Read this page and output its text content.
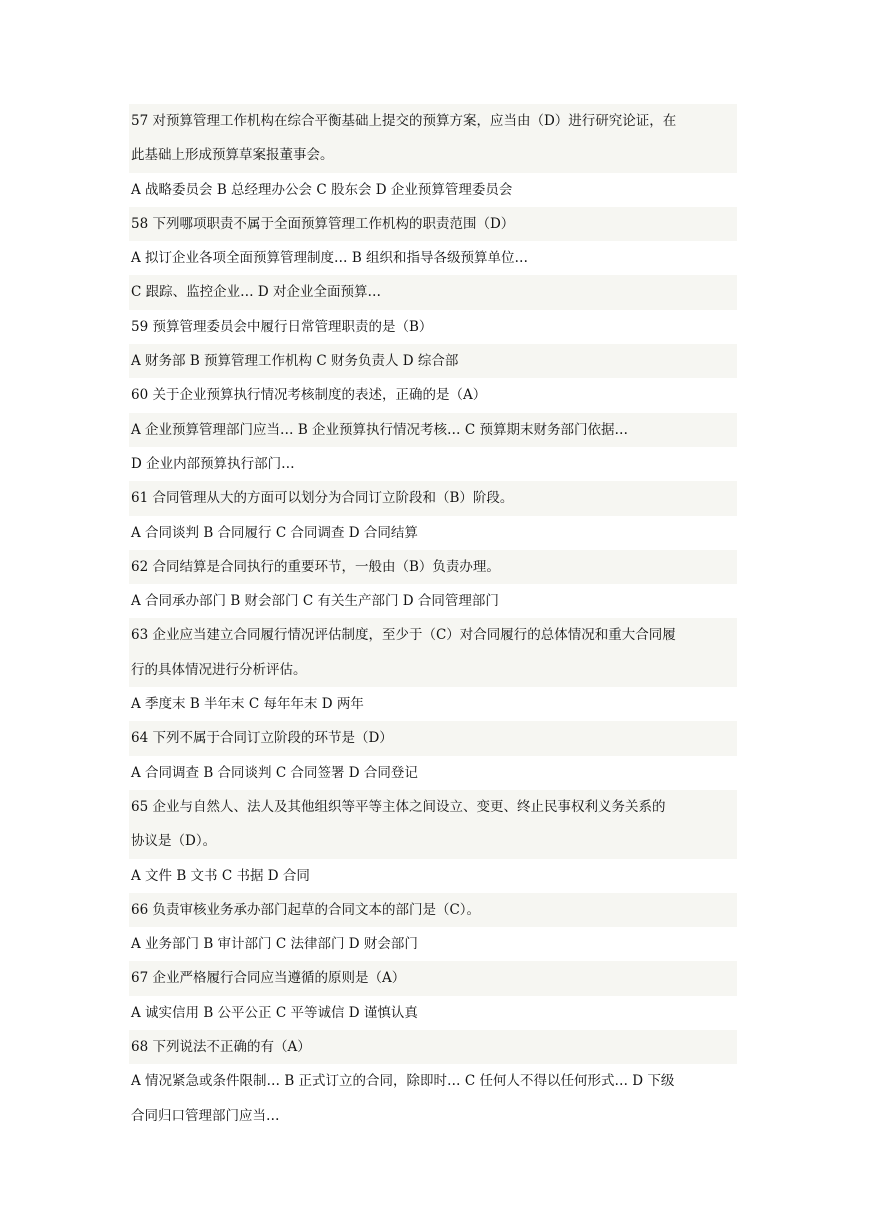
57 对预算管理工作机构在综合平衡基础上提交的预算方案，应当由（D）进行研究论证，在
此基础上形成预算草案报董事会。
A 战略委员会 B 总经理办公会 C 股东会 D 企业预算管理委员会
58 下列哪项职责不属于全面预算管理工作机构的职责范围（D）
A 拟订企业各项全面预算管理制度… B 组织和指导各级预算单位…
C 跟踪、监控企业… D 对企业全面预算…
59 预算管理委员会中履行日常管理职责的是（B）
A 财务部 B 预算管理工作机构 C 财务负责人 D 综合部
60 关于企业预算执行情况考核制度的表述，正确的是（A）
A 企业预算管理部门应当… B 企业预算执行情况考核… C 预算期末财务部门依据…
D 企业内部预算执行部门…
61 合同管理从大的方面可以划分为合同订立阶段和（B）阶段。
A 合同谈判 B 合同履行 C 合同调查 D 合同结算
62 合同结算是合同执行的重要环节，一般由（B）负责办理。
A 合同承办部门 B 财会部门 C 有关生产部门 D 合同管理部门
63 企业应当建立合同履行情况评估制度，至少于（C）对合同履行的总体情况和重大合同履
行的具体情况进行分析评估。
A 季度末 B 半年末 C 每年年末 D 两年
64 下列不属于合同订立阶段的环节是（D）
A 合同调查 B 合同谈判 C 合同签署 D 合同登记
65 企业与自然人、法人及其他组织等平等主体之间设立、变更、终止民事权利义务关系的
协议是（D）。
A 文件 B 文书 C 书据 D 合同
66 负责审核业务承办部门起草的合同文本的部门是（C）。
A 业务部门 B 审计部门 C 法律部门 D 财会部门
67 企业严格履行合同应当遵循的原则是（A）
A 诚实信用 B 公平公正 C 平等诚信 D 谨慎认真
68 下列说法不正确的有（A）
A 情况紧急或条件限制… B 正式订立的合同，除即时… C 任何人不得以任何形式… D 下级
合同归口管理部门应当…
